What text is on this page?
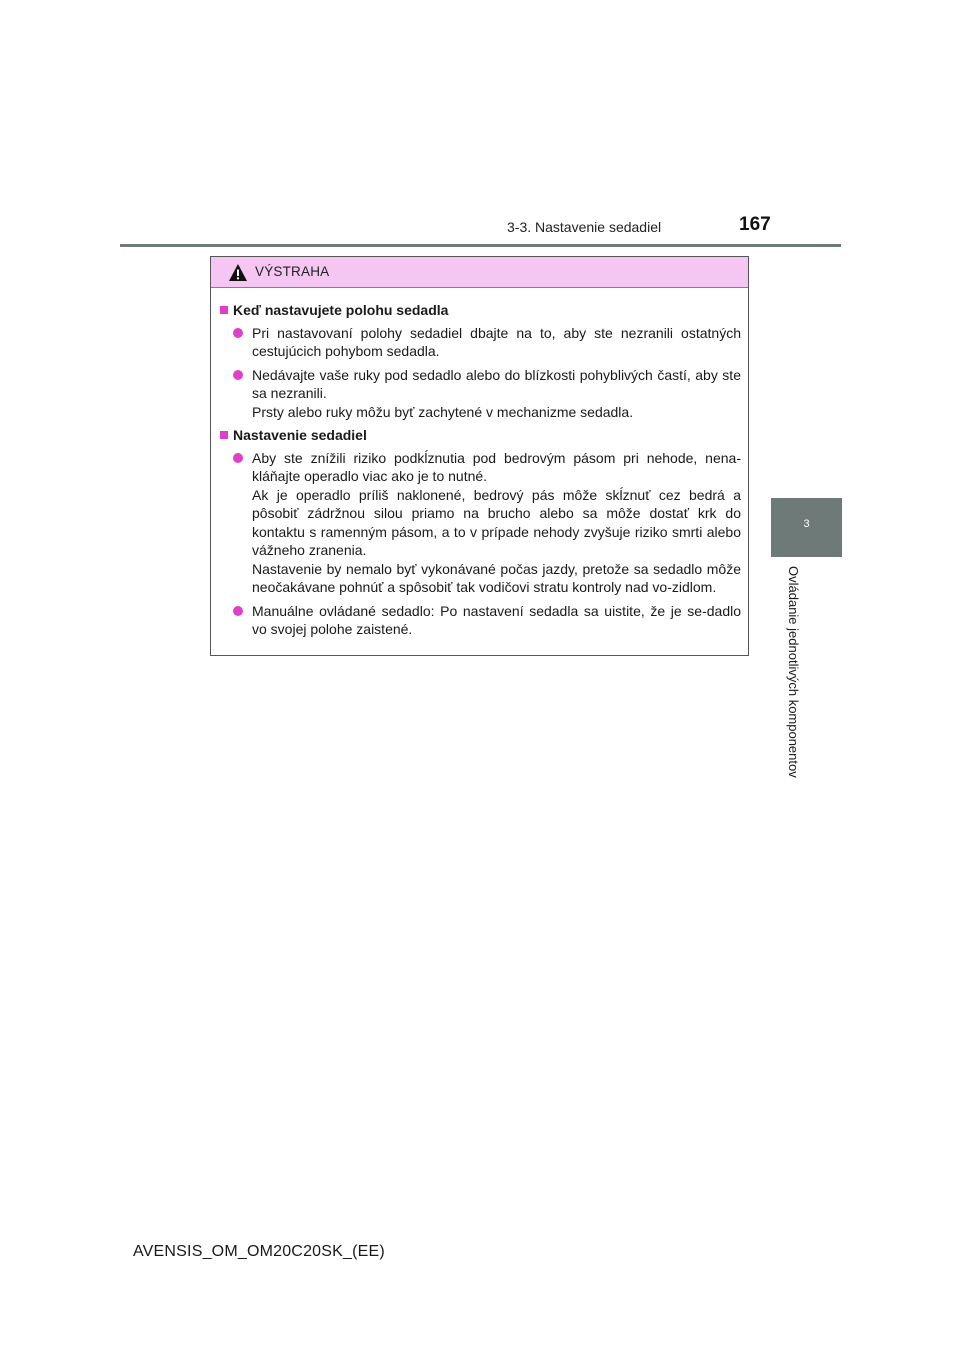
3-3. Nastavenie sedadiel	167
3
Ovládanie jednotlivých komponentov
VÝSTRAHA
Keď nastavujete polohu sedadla
Pri nastavovaní polohy sedadiel dbajte na to, aby ste nezranili ostatných cestujúcich pohybom sedadla.
Nedávajte vaše ruky pod sedadlo alebo do blízkosti pohyblivých častí, aby ste sa nezranili.
Prsty alebo ruky môžu byť zachytené v mechanizme sedadla.
Nastavenie sedadiel
Aby ste znížili riziko podkĺznutia pod bedrovým pásom pri nehode, nena-kláňajte operadlo viac ako je to nutné.
Ak je operadlo príliš naklonené, bedrový pás môže skĺznuť cez bedrá a pôsobiť zádržnou silou priamo na brucho alebo sa môže dostať krk do kontaktu s ramenným pásom, a to v prípade nehody zvyšuje riziko smrti alebo vážneho zranenia.
Nastavenie by nemalo byť vykonávané počas jazdy, pretože sa sedadlo môže neočakávane pohnúť a spôsobiť tak vodičovi stratu kontroly nad vo-zidlom.
Manuálne ovládané sedadlo: Po nastavení sedadla sa uistite, že je se-dadlo vo svojej polohe zaistené.
AVENSIS_OM_OM20C20SK_(EE)
